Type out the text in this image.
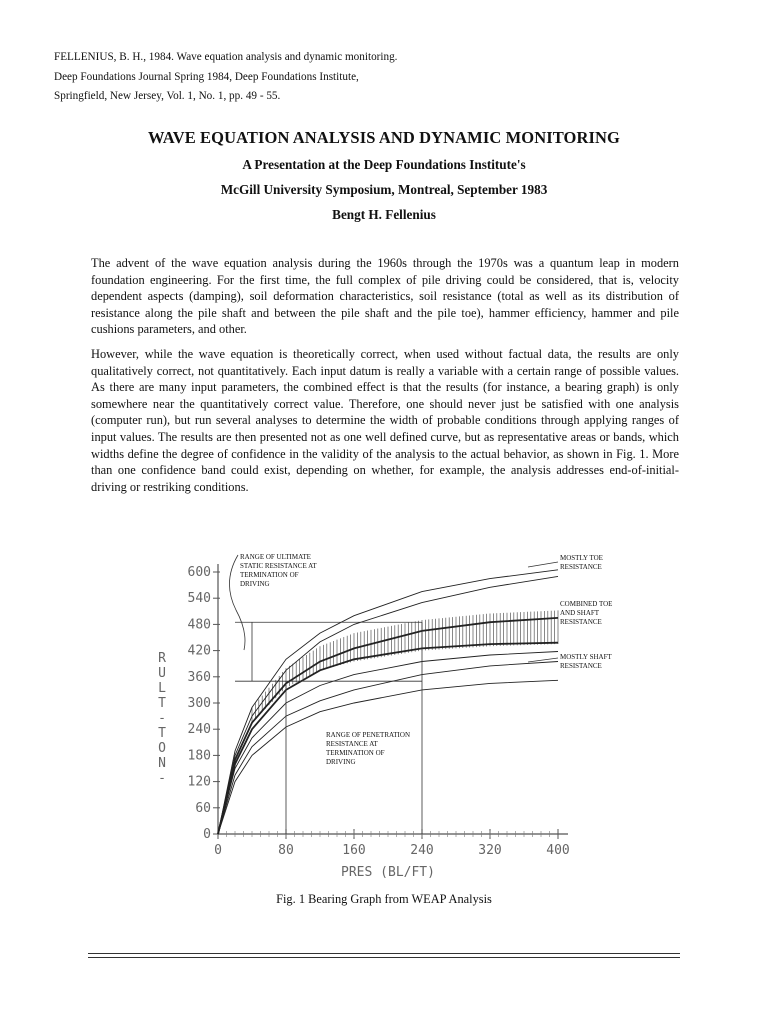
FELLENIUS, B. H., 1984. Wave equation analysis and dynamic monitoring.
Deep Foundations Journal Spring 1984, Deep Foundations Institute,
Springfield, New Jersey, Vol. 1, No. 1, pp. 49 - 55.
WAVE EQUATION ANALYSIS AND DYNAMIC MONITORING
A Presentation at the Deep Foundations Institute's
McGill University Symposium, Montreal, September 1983
Bengt H. Fellenius

The advent of the wave equation analysis during the 1960s through the 1970s was a quantum leap in modern foundation engineering. For the first time, the full complex of pile driving could be considered, that is, velocity dependent aspects (damping), soil deformation characteristics, soil resistance (total as well as its distribution of resistance along the pile shaft and between the pile shaft and the pile toe), hammer efficiency, hammer and pile cushions parameters, and other.

However, while the wave equation is theoretically correct, when used without factual data, the results are only qualitatively correct, not quantitatively. Each input datum is really a variable with a certain range of possible values. As there are many input parameters, the combined effect is that the results (for instance, a bearing graph) is only somewhere near the quantitatively correct value. Therefore, one should never just be satisfied with one analysis (computer run), but run several analyses to determine the width of probable conditions through applying ranges of input values. The results are then presented not as one well defined curve, but as representative areas or bands, which widths define the degree of confidence in the validity of the analysis to the actual behavior, as shown in Fig. 1. More than one confidence band could exist, depending on whether, for example, the analysis addresses end-of-initial-driving or restriking conditions.

0
60
120
180
240
300
360
420
480
540
600
0	80	160	240	320	400
PRES (BL/FT)
R
U
L
T
-
T
O
N
-
RANGE OF ULTIMATE
STATIC RESISTANCE AT
TERMINATION OF
DRIVING
RANGE OF PENETRATION
RESISTANCE AT
TERMINATION OF
DRIVING
MOSTLY TOE
RESISTANCE
COMBINED TOE
AND SHAFT
RESISTANCE
MOSTLY SHAFT
RESISTANCE
Fig. 1 Bearing Graph from WEAP Analysis
